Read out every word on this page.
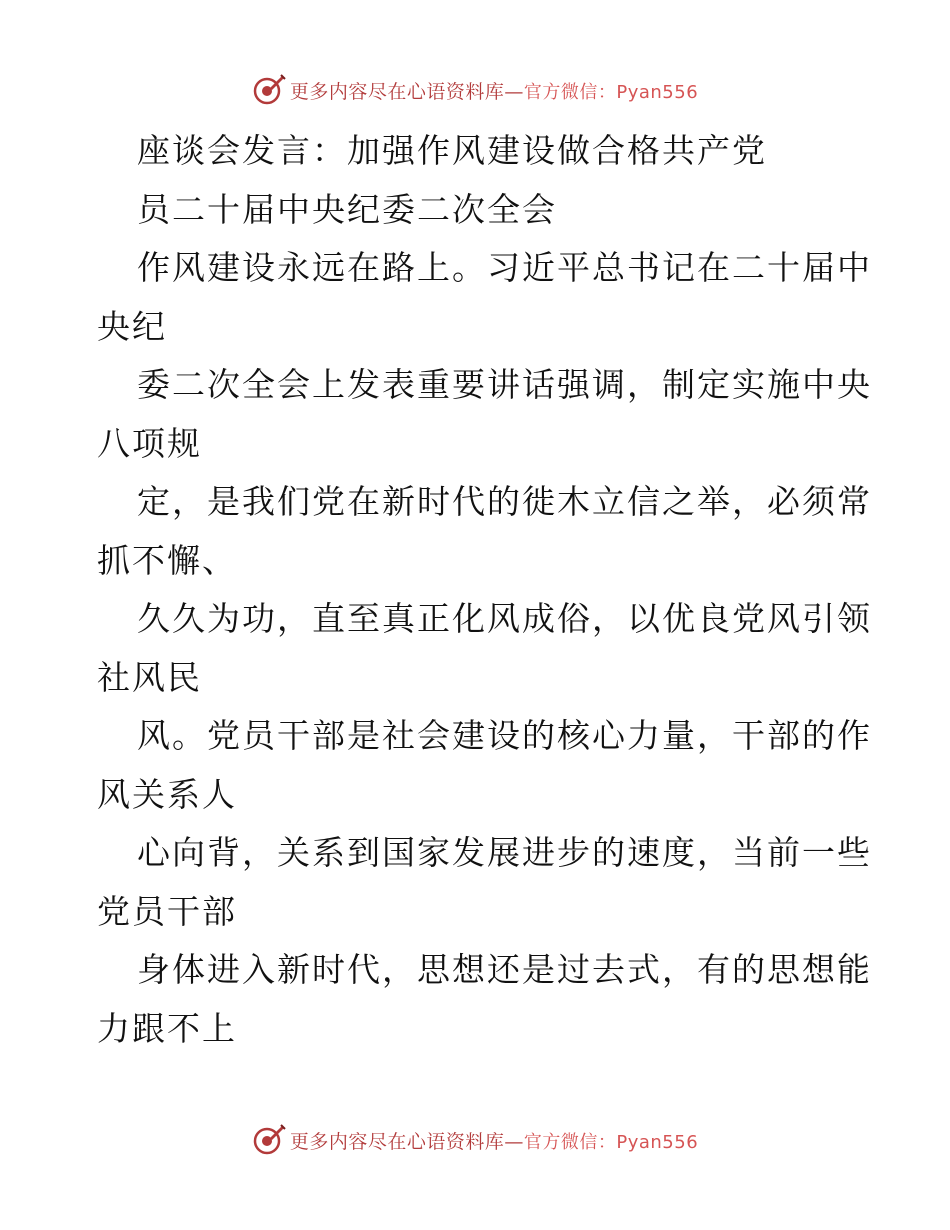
更多内容尽在心语资料库—官方微信：Pyan556
座谈会发言：加强作风建设做合格共产党
员二十届中央纪委二次全会
作风建设永远在路上。习近平总书记在二十届中
央纪
委二次全会上发表重要讲话强调，制定实施中央
八项规
定，是我们党在新时代的徙木立信之举，必须常
抓不懈、
久久为功，直至真正化风成俗，以优良党风引领
社风民
风。党员干部是社会建设的核心力量，干部的作
风关系人
心向背，关系到国家发展进步的速度，当前一些
党员干部
身体进入新时代，思想还是过去式，有的思想能
力跟不上
更多内容尽在心语资料库—官方微信：Pyan556
